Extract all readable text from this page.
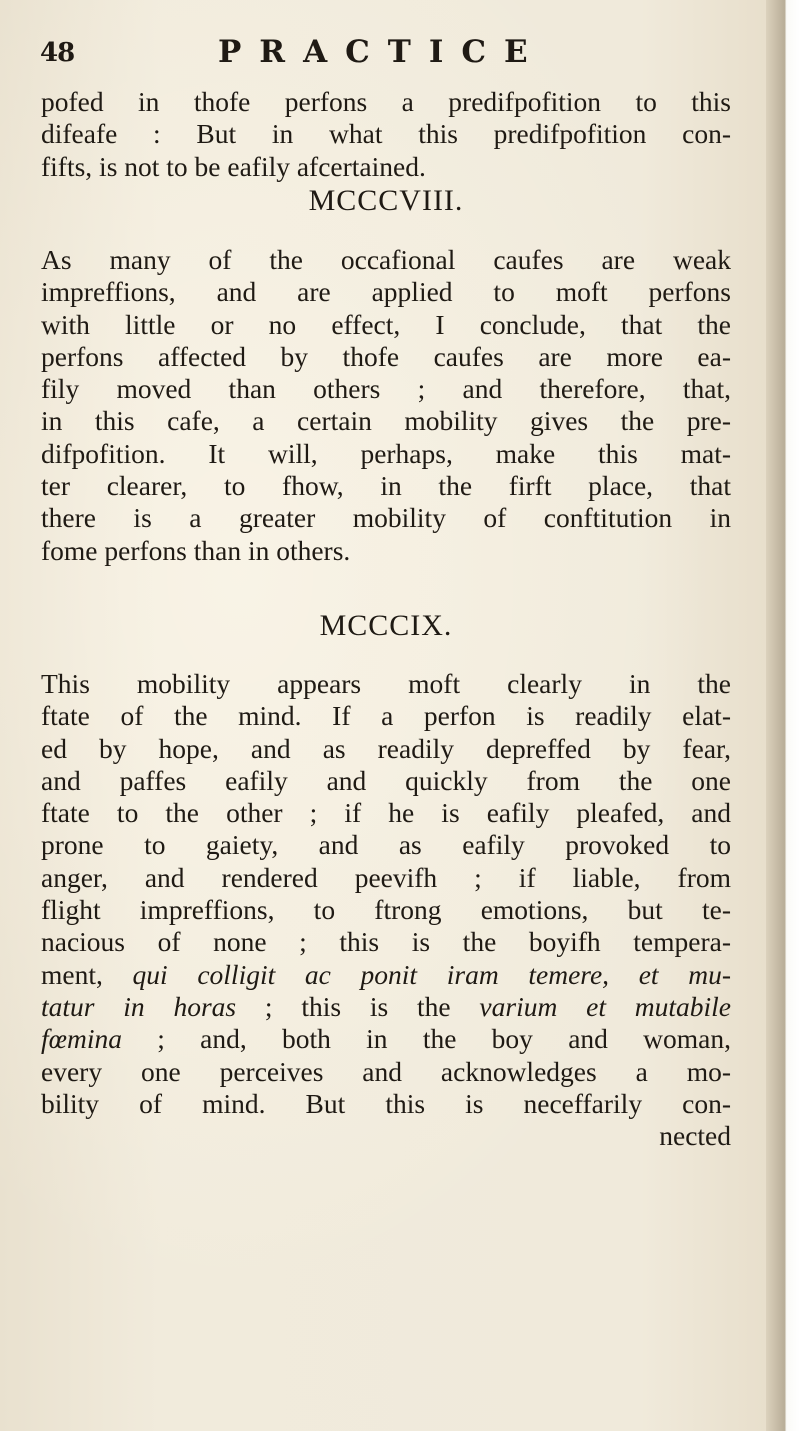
48	PRACTICE
pofed in thofe perfons a predifpofition to this
difeafe : But in what this predifpofition con-
fifts, is not to be eafily afcertained.
MCCCVIII.
As many of the occafional caufes are weak
impreffions, and are applied to moft perfons
with little or no effect, I conclude, that the
perfons affected by thofe caufes are more ea-
fily moved than others ; and therefore, that,
in this cafe, a certain mobility gives the pre-
difpofition. It will, perhaps, make this mat-
ter clearer, to fhow, in the firft place, that
there is a greater mobility of conftitution in
fome perfons than in others.
MCCCIX.
This mobility appears moft clearly in the
ftate of the mind. If a perfon is readily elat-
ed by hope, and as readily depreffed by fear,
and paffes eafily and quickly from the one
ftate to the other ; if he is eafily pleafed, and
prone to gaiety, and as eafily provoked to
anger, and rendered peevifh ; if liable, from
flight impreffions, to ftrong emotions, but te-
nacious of none ; this is the boyifh tempera-
ment, qui colligit ac ponit iram temere, et mu-
tatur in horas ; this is the varium et mutabile
fœmina ; and, both in the boy and woman,
every one perceives and acknowledges a mo-
bility of mind. But this is neceffarily con-
nected
